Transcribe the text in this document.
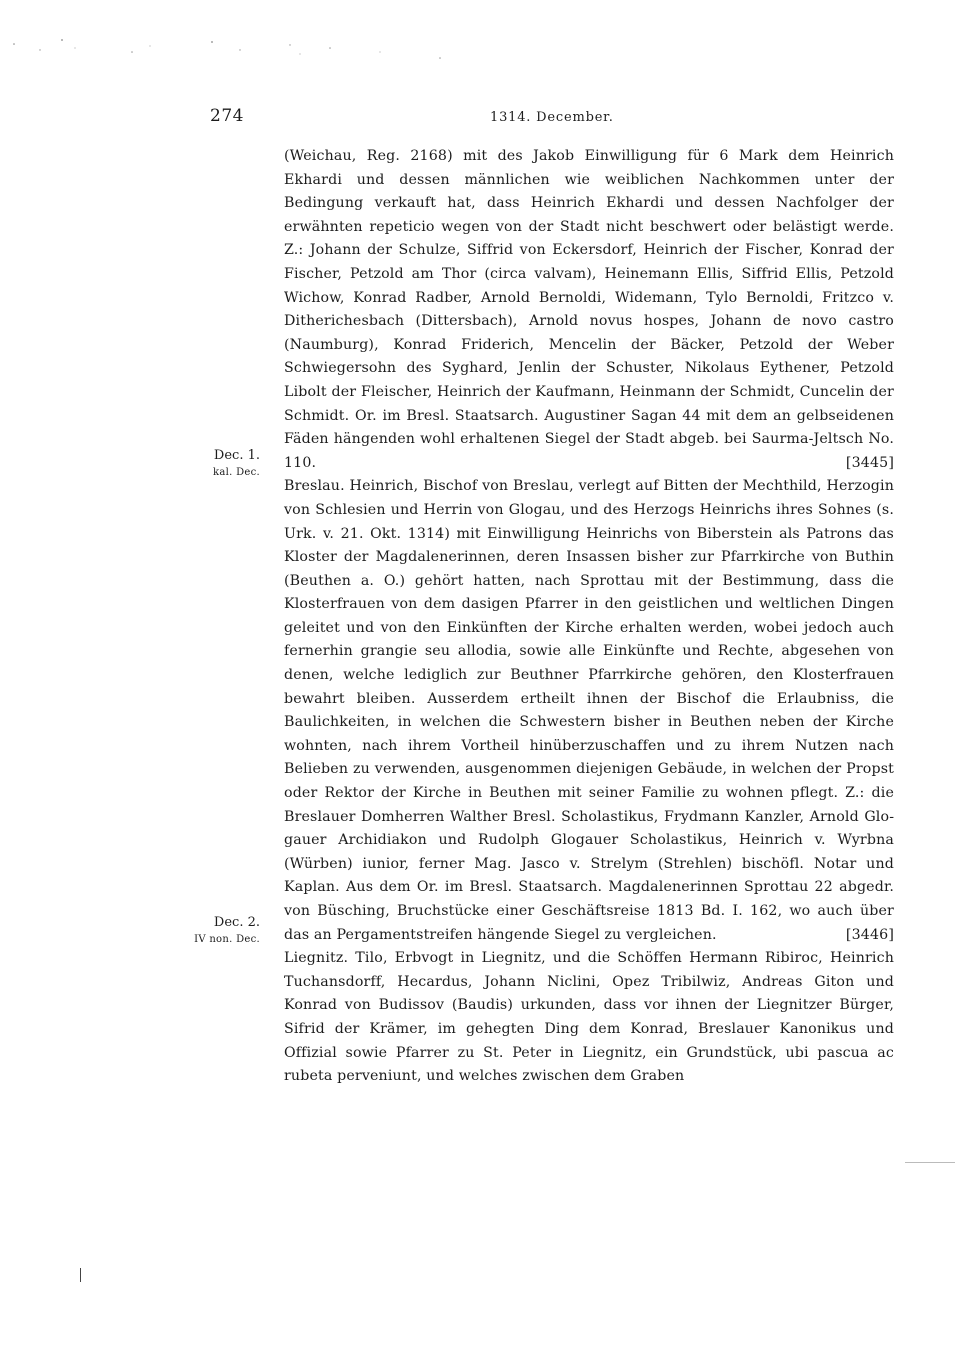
274	1314. December.
Dec. 1.
kal. Dec.
Dec. 2.
IV non. Dec.

(Weichau, Reg. 2168) mit des Jakob Einwilligung für 6 Mark dem Heinrich Ekhardi und dessen männlichen wie weiblichen Nachkommen unter der Bedingung verkauft hat, dass Heinrich Ekhardi und dessen Nachfolger der erwähnten repeticio wegen von der Stadt nicht beschwert oder belästigt werde. Z.: Johann der Schulze, Siffrid von Eckersdorf, Heinrich der Fischer, Konrad der Fischer, Petzold am Thor (circa valvam), Heinemann Ellis, Siffrid Ellis, Petzold Wichow, Konrad Radber, Arnold Bernoldi, Widemann, Tylo Bernoldi, Fritzco v. Ditherichesbach (Dittersbach), Arnold novus hospes, Johann de novo castro (Naumburg), Konrad Friderich, Mencelin der Bäcker, Petzold der Weber Schwiegersohn des Syghard, Jenlin der Schuster, Nikolaus Eythener, Petzold Libolt der Fleischer, Heinrich der Kaufmann, Heinmann der Schmidt, Cuncelin der Schmidt. Or. im Bresl. Staatsarch. Augustiner Sagan 44 mit dem an gelbseidenen Fäden hängenden wohl erhaltenen Siegel der Stadt abgeb. bei Saurma-Jeltsch No. 110.	[3445]

Breslau. Heinrich, Bischof von Breslau, verlegt auf Bitten der Mechthild, Herzogin von Schlesien und Herrin von Glogau, und des Herzogs Heinrichs ihres Sohnes (s. Urk. v. 21. Okt. 1314) mit Einwilligung Heinrichs von Biberstein als Patrons das Kloster der Magdalenerinnen, deren Insassen bisher zur Pfarrkirche von Buthin (Beuthen a. O.) gehört hatten, nach Sprottau mit der Bestimmung, dass die Klosterfrauen von dem dasigen Pfarrer in den geistlichen und weltlichen Dingen geleitet und von den Einkünften der Kirche erhalten werden, wobei jedoch auch fernerhin grangie seu allodia, sowie alle Einkünfte und Rechte, abgesehen von denen, welche lediglich zur Beuthner Pfarrkirche gehören, den Klosterfrauen bewahrt bleiben. Ausserdem ertheilt ihnen der Bischof die Erlaubniss, die Baulichkeiten, in welchen die Schwestern bisher in Beuthen neben der Kirche wohnten, nach ihrem Vortheil hinüberzuschaffen und zu ihrem Nutzen nach Belieben zu verwenden, ausgenommen diejenigen Gebäude, in welchen der Propst oder Rektor der Kirche in Beuthen mit seiner Familie zu wohnen pflegt. Z.: die Breslauer Domherren Walther Bresl. Scholastikus, Frydmann Kanzler, Arnold Glogauer Archidiakon und Rudolph Glogauer Scholastikus, Heinrich v. Wyrbna (Würben) iunior, ferner Mag. Jasco v. Strelym (Strehlen) bischöfl. Notar und Kaplan. Aus dem Or. im Bresl. Staatsarch. Magdalenerinnen Sprottau 22 abgedr. von Büsching, Bruchstücke einer Geschäftsreise 1813 Bd. I. 162, wo auch über das an Pergamentstreifen hängende Siegel zu vergleichen.	[3446]

Liegnitz. Tilo, Erbvogt in Liegnitz, und die Schöffen Hermann Ribiroc, Heinrich Tuchansdorff, Hecardus, Johann Niclini, Opez Tribilwiz, Andreas Giton und Konrad von Budissov (Baudis) urkunden, dass vor ihnen der Liegnitzer Bürger, Sifrid der Krämer, im gehegten Ding dem Konrad, Breslauer Kanonikus und Offizial sowie Pfarrer zu St. Peter in Liegnitz, ein Grundstück, ubi pascua ac rubeta perveniunt, und welches zwischen dem Graben
